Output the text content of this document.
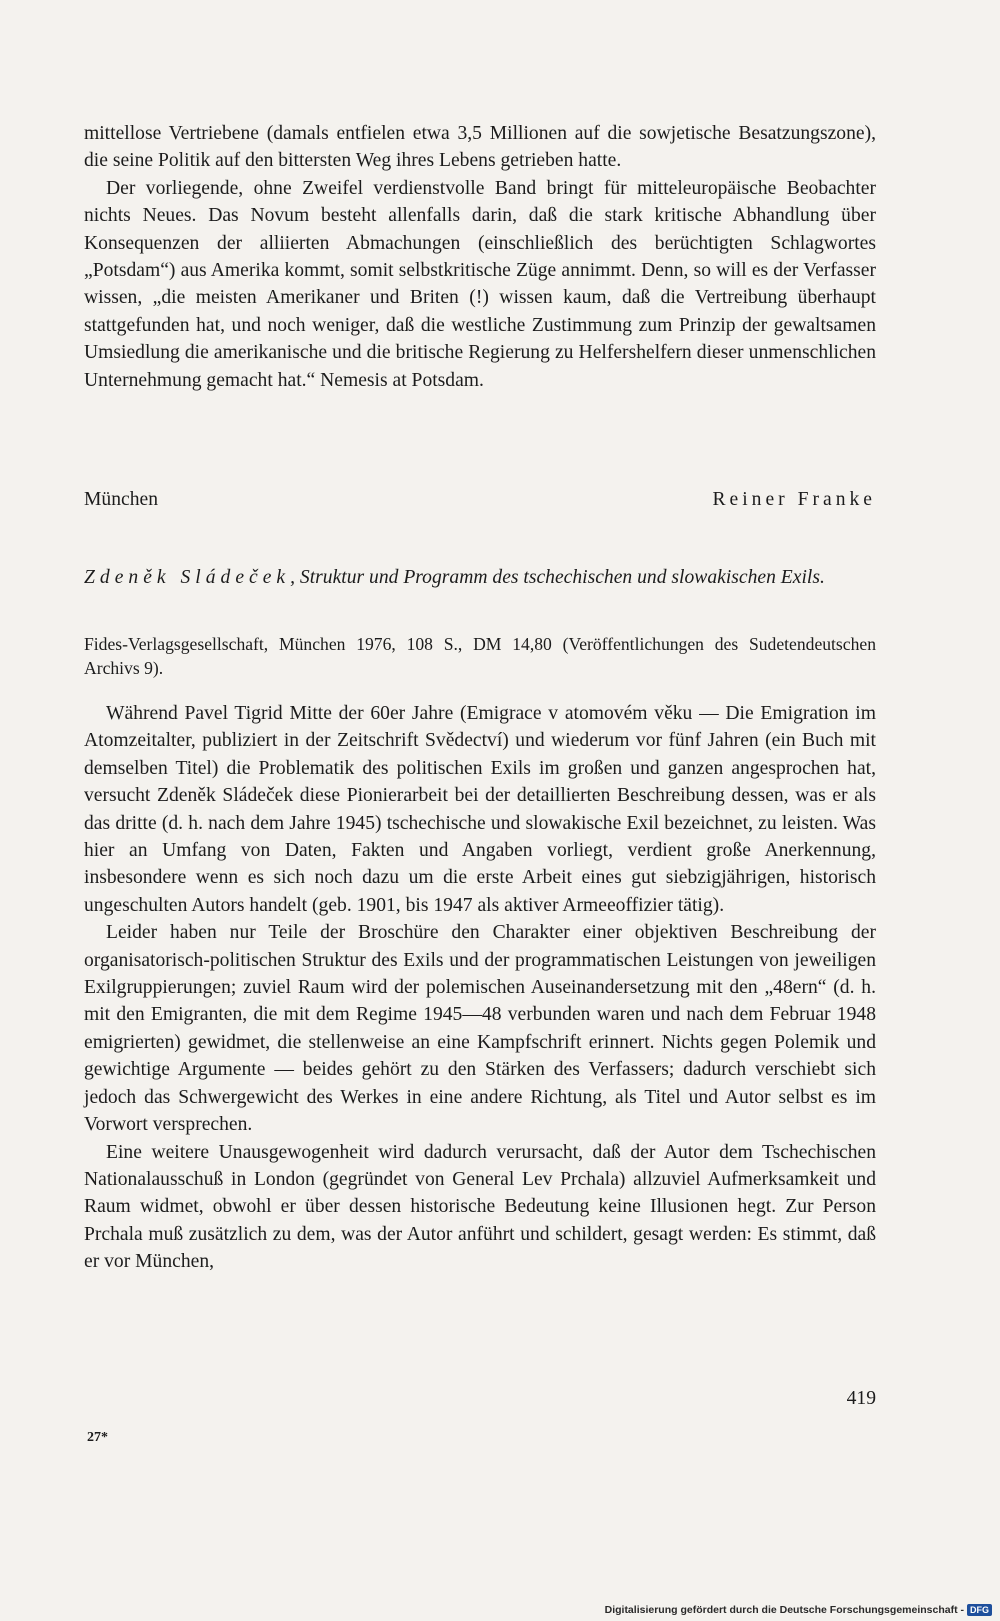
mittellose Vertriebene (damals entfielen etwa 3,5 Millionen auf die sowjetische Besatzungszone), die seine Politik auf den bittersten Weg ihres Lebens getrieben hatte.

Der vorliegende, ohne Zweifel verdienstvolle Band bringt für mitteleuropäische Beobachter nichts Neues. Das Novum besteht allenfalls darin, daß die stark kritische Abhandlung über Konsequenzen der alliierten Abmachungen (einschließlich des berüchtigten Schlagwortes „Potsdam“) aus Amerika kommt, somit selbstkritische Züge annimmt. Denn, so will es der Verfasser wissen, „die meisten Amerikaner und Briten (!) wissen kaum, daß die Vertreibung überhaupt stattgefunden hat, und noch weniger, daß die westliche Zustimmung zum Prinzip der gewaltsamen Umsiedlung die amerikanische und die britische Regierung zu Helfershelfern dieser unmenschlichen Unternehmung gemacht hat.“ Nemesis at Potsdam.

München	Reiner Franke
Zdeněk Sládeček, Struktur und Programm des tschechischen und slowakischen Exils.
Fides-Verlagsgesellschaft, München 1976, 108 S., DM 14,80 (Veröffentlichungen des Sudetendeutschen Archivs 9).

Während Pavel Tigrid Mitte der 60er Jahre (Emigrace v atomovém věku — Die Emigration im Atomzeitalter, publiziert in der Zeitschrift Svědectví) und wiederum vor fünf Jahren (ein Buch mit demselben Titel) die Problematik des politischen Exils im großen und ganzen angesprochen hat, versucht Zdeněk Sládeček diese Pionierarbeit bei der detaillierten Beschreibung dessen, was er als das dritte (d. h. nach dem Jahre 1945) tschechische und slowakische Exil bezeichnet, zu leisten. Was hier an Umfang von Daten, Fakten und Angaben vorliegt, verdient große Anerkennung, insbesondere wenn es sich noch dazu um die erste Arbeit eines gut siebzigjährigen, historisch ungeschulten Autors handelt (geb. 1901, bis 1947 als aktiver Armeeoffizier tätig).

Leider haben nur Teile der Broschüre den Charakter einer objektiven Beschreibung der organisatorisch-politischen Struktur des Exils und der programmatischen Leistungen von jeweiligen Exilgruppierungen; zuviel Raum wird der polemischen Auseinandersetzung mit den „48ern“ (d. h. mit den Emigranten, die mit dem Regime 1945—48 verbunden waren und nach dem Februar 1948 emigrierten) gewidmet, die stellenweise an eine Kampfschrift erinnert. Nichts gegen Polemik und gewichtige Argumente — beides gehört zu den Stärken des Verfassers; dadurch verschiebt sich jedoch das Schwergewicht des Werkes in eine andere Richtung, als Titel und Autor selbst es im Vorwort versprechen.

Eine weitere Unausgewogenheit wird dadurch verursacht, daß der Autor dem Tschechischen Nationalausschuß in London (gegründet von General Lev Prchala) allzuviel Aufmerksamkeit und Raum widmet, obwohl er über dessen historische Bedeutung keine Illusionen hegt. Zur Person Prchala muß zusätzlich zu dem, was der Autor anführt und schildert, gesagt werden: Es stimmt, daß er vor München,

419
27*
Digitalisierung gefördert durch die Deutsche Forschungsgemeinschaft - DFG
